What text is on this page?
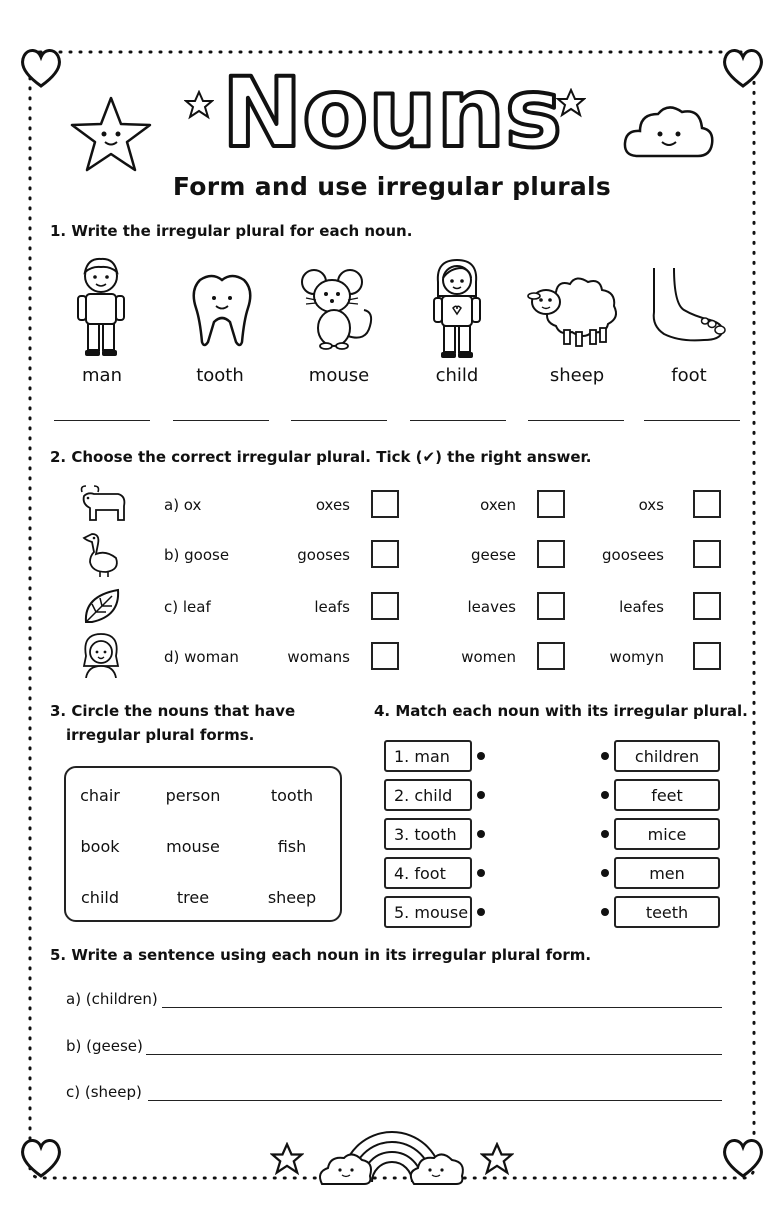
Nouns
Form and use irregular plurals
1. Write the irregular plural for each noun.
man	tooth	mouse	child	sheep	foot
2. Choose the correct irregular plural. Tick (✔) the right answer.
a) ox	oxes	oxen	oxs
b) goose	gooses	geese	goosees
c) leaf	leafs	leaves	leafes
d) woman	womans	women	womyn
3. Circle the nouns that have
irregular plural forms.
chair	person	tooth
book	mouse	fish
child	tree	sheep
4. Match each noun with its irregular plural.
1. man
2. child
3. tooth
4. foot
5. mouse
children
feet
mice
men
teeth
5. Write a sentence using each noun in its irregular plural form.
a) (children)
b) (geese)
c) (sheep)
